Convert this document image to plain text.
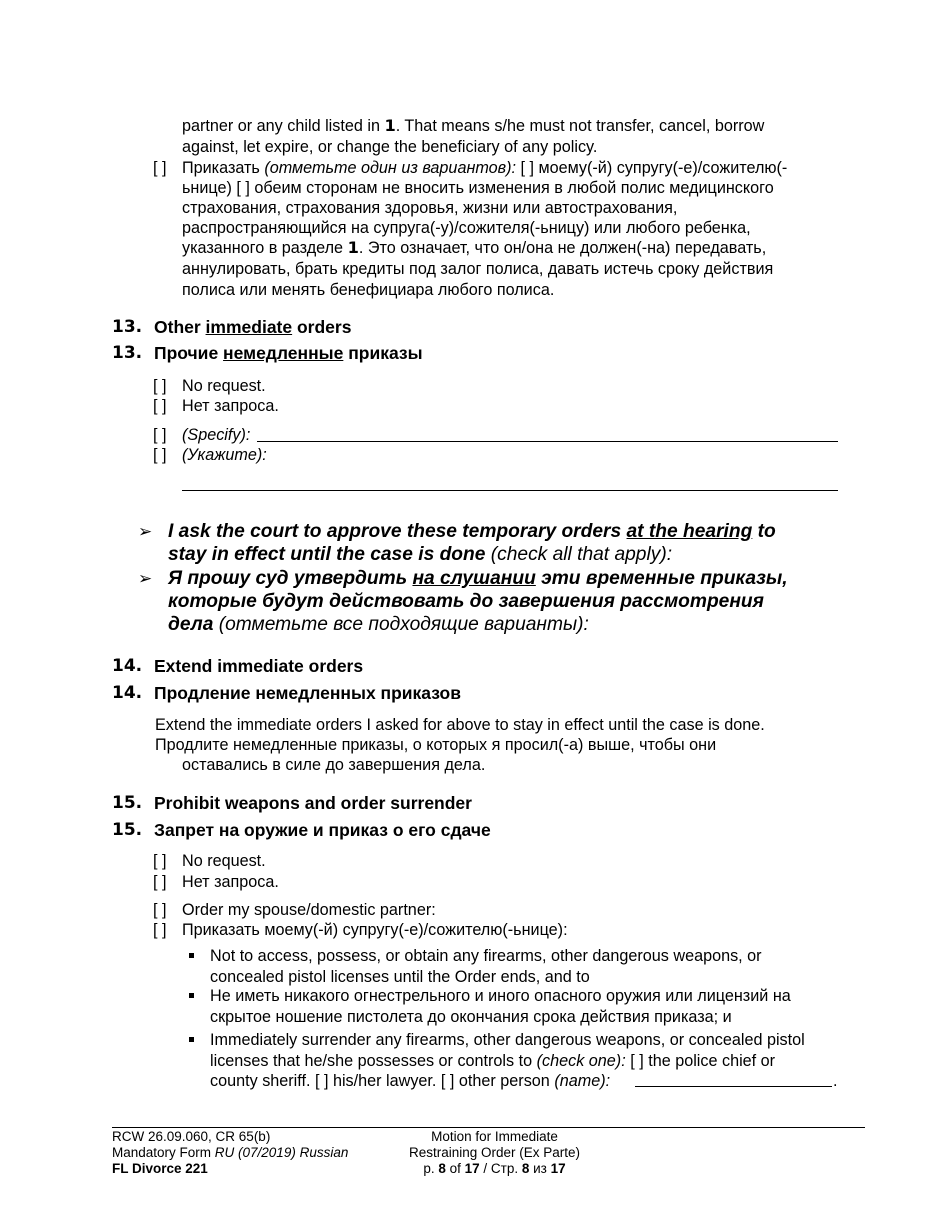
partner or any child listed in 1. That means s/he must not transfer, cancel, borrow
against, let expire, or change the beneficiary of any policy.
[ ] Приказать (отметьте один из вариантов): [ ] моему(-й) супругу(-е)/сожителю(-
ьнице) [ ] обеим сторонам не вносить изменения в любой полис медицинского
страхования, страхования здоровья, жизни или автострахования,
распространяющийся на супруга(-у)/сожителя(-ьницу) или любого ребенка,
указанного в разделе 1. Это означает, что он/она не должен(-на) передавать,
аннулировать, брать кредиты под залог полиса, давать истечь сроку действия
полиса или менять бенефициара любого полиса.
13. Other immediate orders
13. Прочие немедленные приказы
[ ] No request.
[ ] Нет запроса.
[ ] (Specify):
[ ] (Укажите):
➢ I ask the court to approve these temporary orders at the hearing to
stay in effect until the case is done (check all that apply):
➢ Я прошу суд утвердить на слушании эти временные приказы,
которые будут действовать до завершения рассмотрения
дела (отметьте все подходящие варианты):
14. Extend immediate orders
14. Продление немедленных приказов
Extend the immediate orders I asked for above to stay in effect until the case is done.
Продлите немедленные приказы, о которых я просил(-а) выше, чтобы они
оставались в силе до завершения дела.
15. Prohibit weapons and order surrender
15. Запрет на оружие и приказ о его сдаче
[ ] No request.
[ ] Нет запроса.
[ ] Order my spouse/domestic partner:
[ ] Приказать моему(-й) супругу(-е)/сожителю(-ьнице):
Not to access, possess, or obtain any firearms, other dangerous weapons, or
concealed pistol licenses until the Order ends, and to
Не иметь никакого огнестрельного и иного опасного оружия или лицензий на
скрытое ношение пистолета до окончания срока действия приказа; и
Immediately surrender any firearms, other dangerous weapons, or concealed pistol
licenses that he/she possesses or controls to (check one): [ ] the police chief or
county sheriff. [ ] his/her lawyer. [ ] other person (name):	.
RCW 26.09.060, CR 65(b)
Mandatory Form RU (07/2019) Russian
FL Divorce 221
Motion for Immediate
Restraining Order (Ex Parte)
p. 8 of 17 / Стр. 8 из 17
